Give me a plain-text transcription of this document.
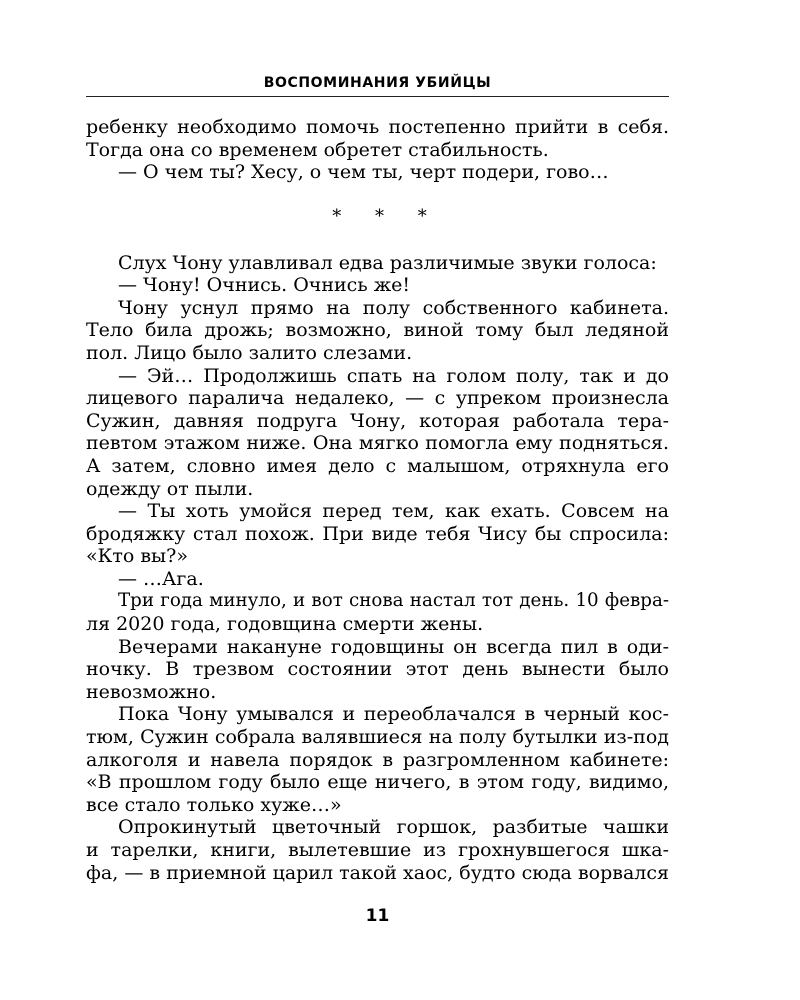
ВОСПОМИНАНИЯ УБИЙЦЫ
ребенку необходимо помочь постепенно прийти в себя.
Тогда она со временем обретет стабильность.
— О чем ты? Хесу, о чем ты, черт подери, гово…
* * *
Слух Чону улавливал едва различимые звуки голоса:
— Чону! Очнись. Очнись же!
Чону уснул прямо на полу собственного кабинета.
Тело била дрожь; возможно, виной тому был ледяной
пол. Лицо было залито слезами.
— Эй… Продолжишь спать на голом полу, так и до
лицевого паралича недалеко, — с упреком произнесла
Сужин, давняя подруга Чону, которая работала тера-
певтом этажом ниже. Она мягко помогла ему подняться.
А затем, словно имея дело с малышом, отряхнула его
одежду от пыли.
— Ты хоть умойся перед тем, как ехать. Совсем на
бродяжку стал похож. При виде тебя Чису бы спросила:
«Кто вы?»
— …Ага.
Три года минуло, и вот снова настал тот день. 10 февра-
ля 2020 года, годовщина смерти жены.
Вечерами накануне годовщины он всегда пил в оди-
ночку. В трезвом состоянии этот день вынести было
невозможно.
Пока Чону умывался и переоблачался в черный кос-
тюм, Сужин собрала валявшиеся на полу бутылки из-под
алкоголя и навела порядок в разгромленном кабинете:
«В прошлом году было еще ничего, в этом году, видимо,
все стало только хуже…»
Опрокинутый цветочный горшок, разбитые чашки
и тарелки, книги, вылетевшие из грохнувшегося шка-
фа, — в приемной царил такой хаос, будто сюда ворвался
11
